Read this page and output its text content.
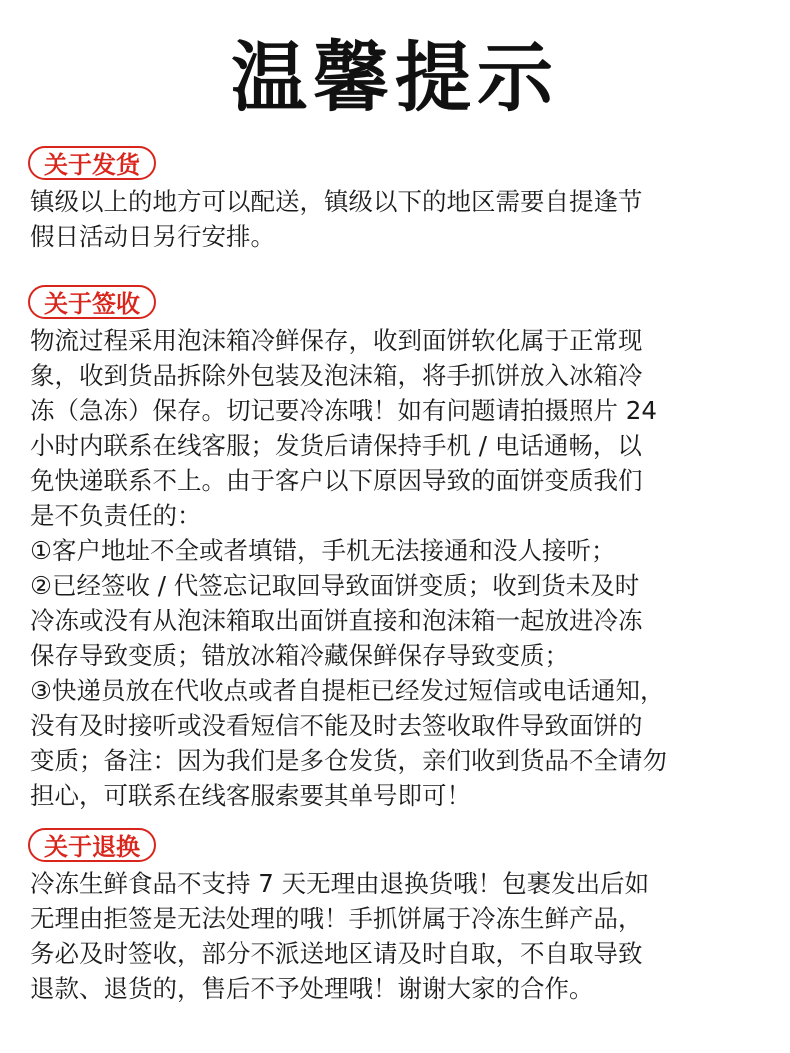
温馨提示
关于发货
镇级以上的地方可以配送，镇级以下的地区需要自提逢节
假日活动日另行安排。
关于签收
物流过程采用泡沫箱冷鲜保存，收到面饼软化属于正常现
象，收到货品拆除外包装及泡沫箱，将手抓饼放入冰箱冷
冻（急冻）保存。切记要冷冻哦！如有问题请拍摄照片 24
小时内联系在线客服；发货后请保持手机 / 电话通畅，以
免快递联系不上。由于客户以下原因导致的面饼变质我们
是不负责任的：
①客户地址不全或者填错，手机无法接通和没人接听；
②已经签收 / 代签忘记取回导致面饼变质；收到货未及时
冷冻或没有从泡沫箱取出面饼直接和泡沫箱一起放进冷冻
保存导致变质；错放冰箱冷藏保鲜保存导致变质；
③快递员放在代收点或者自提柜已经发过短信或电话通知，
没有及时接听或没看短信不能及时去签收取件导致面饼的
变质；备注：因为我们是多仓发货，亲们收到货品不全请勿
担心，可联系在线客服索要其单号即可！
关于退换
冷冻生鲜食品不支持 7 天无理由退换货哦！包裹发出后如
无理由拒签是无法处理的哦！手抓饼属于冷冻生鲜产品，
务必及时签收，部分不派送地区请及时自取，不自取导致
退款、退货的，售后不予处理哦！谢谢大家的合作。
